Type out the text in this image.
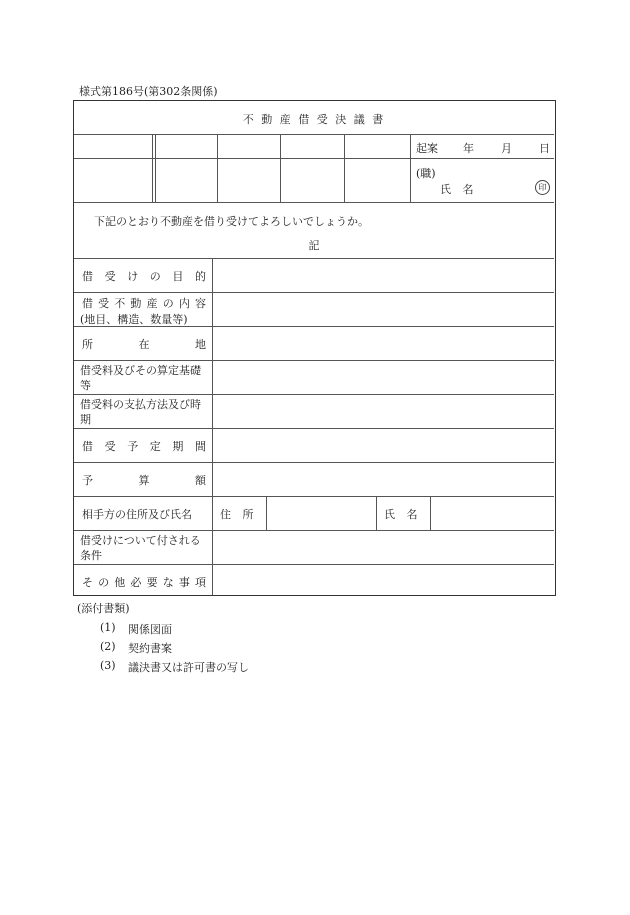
様式第186号(第302条関係)
不 動 産 借 受 決 議 書
起案 年 月 日
(職)
氏 名	印
下記のとおり不動産を借り受けてよろしいでしょうか。
記
借受けの目的
借 受 不 動 産 の 内 容
(地目、構造、数量等)
所在地
借受料及びその算定基礎等
借受料の支払方法及び時期
借受予定期間
予算額
相手方の住所及び氏名	住 所	氏 名
借受けについて付される条件
その他必要な事項
(添付書類)
(1) 関係図面
(2) 契約書案
(3) 議決書又は許可書の写し
